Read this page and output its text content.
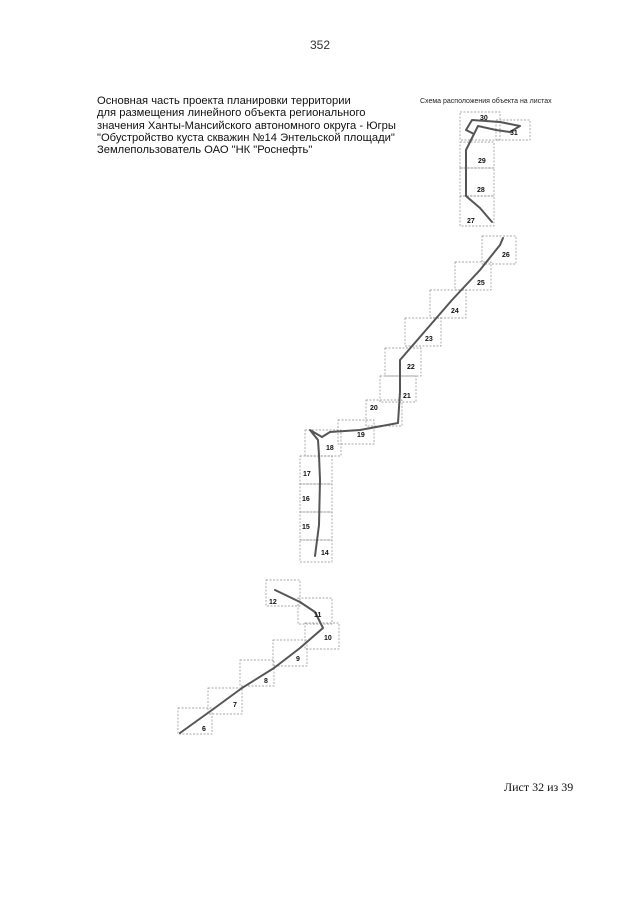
352
Основная часть проекта планировки территории
для размещения линейного объекта регионального
значения Ханты-Мансийского автономного округа - Югры
"Обустройство куста скважин №14 Энтельской площади"
Землепользователь ОАО "НК "Роснефть"
Схема расположения объекта на листах
6
7
8
9
10
11
12
14
15
16
17
18
19
20
21
22
23
24
25
26
27
28
29
30
31
Лист 32 из 39
